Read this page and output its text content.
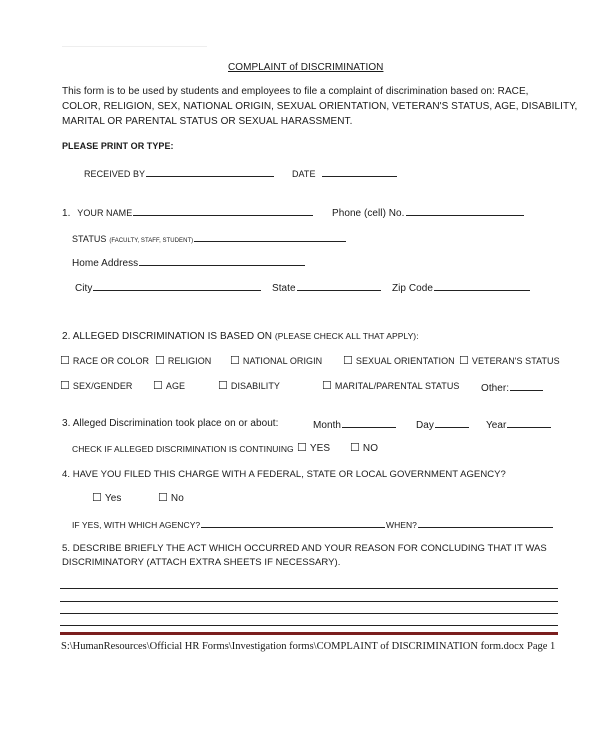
COMPLAINT of DISCRIMINATION
This form is to be used by students and employees to file a complaint of discrimination based on: RACE,
COLOR, RELIGION, SEX, NATIONAL ORIGIN, SEXUAL ORIENTATION, VETERAN'S STATUS, AGE, DISABILITY,
MARITAL OR PARENTAL STATUS OR SEXUAL HARASSMENT.
PLEASE PRINT OR TYPE:
RECEIVED BY	DATE
1. YOUR NAME	Phone (cell) No.
STATUS (FACULTY, STAFF, STUDENT)
Home Address
City	State	Zip Code
2. ALLEGED DISCRIMINATION IS BASED ON (PLEASE CHECK ALL THAT APPLY):
☐ RACE OR COLOR ☐ RELIGION ☐ NATIONAL ORIGIN ☐ SEXUAL ORIENTATION ☐ VETERAN'S STATUS
☐ SEX/GENDER ☐ AGE	☐ DISABILITY	☐ MARITAL/PARENTAL STATUS Other:
3. Alleged Discrimination took place on or about:	Month	Day	Year
CHECK IF ALLEGED DISCRIMINATION IS CONTINUING ☐ YES ☐ NO
4. HAVE YOU FILED THIS CHARGE WITH A FEDERAL, STATE OR LOCAL GOVERNMENT AGENCY?
☐ Yes	☐ No
IF YES, WITH WHICH AGENCY?	WHEN?
5. DESCRIBE BRIEFLY THE ACT WHICH OCCURRED AND YOUR REASON FOR CONCLUDING THAT IT WAS
DISCRIMINATORY (ATTACH EXTRA SHEETS IF NECESSARY).
S:\HumanResources\Official HR Forms\Investigation forms\COMPLAINT of DISCRIMINATION form.docx Page 1
